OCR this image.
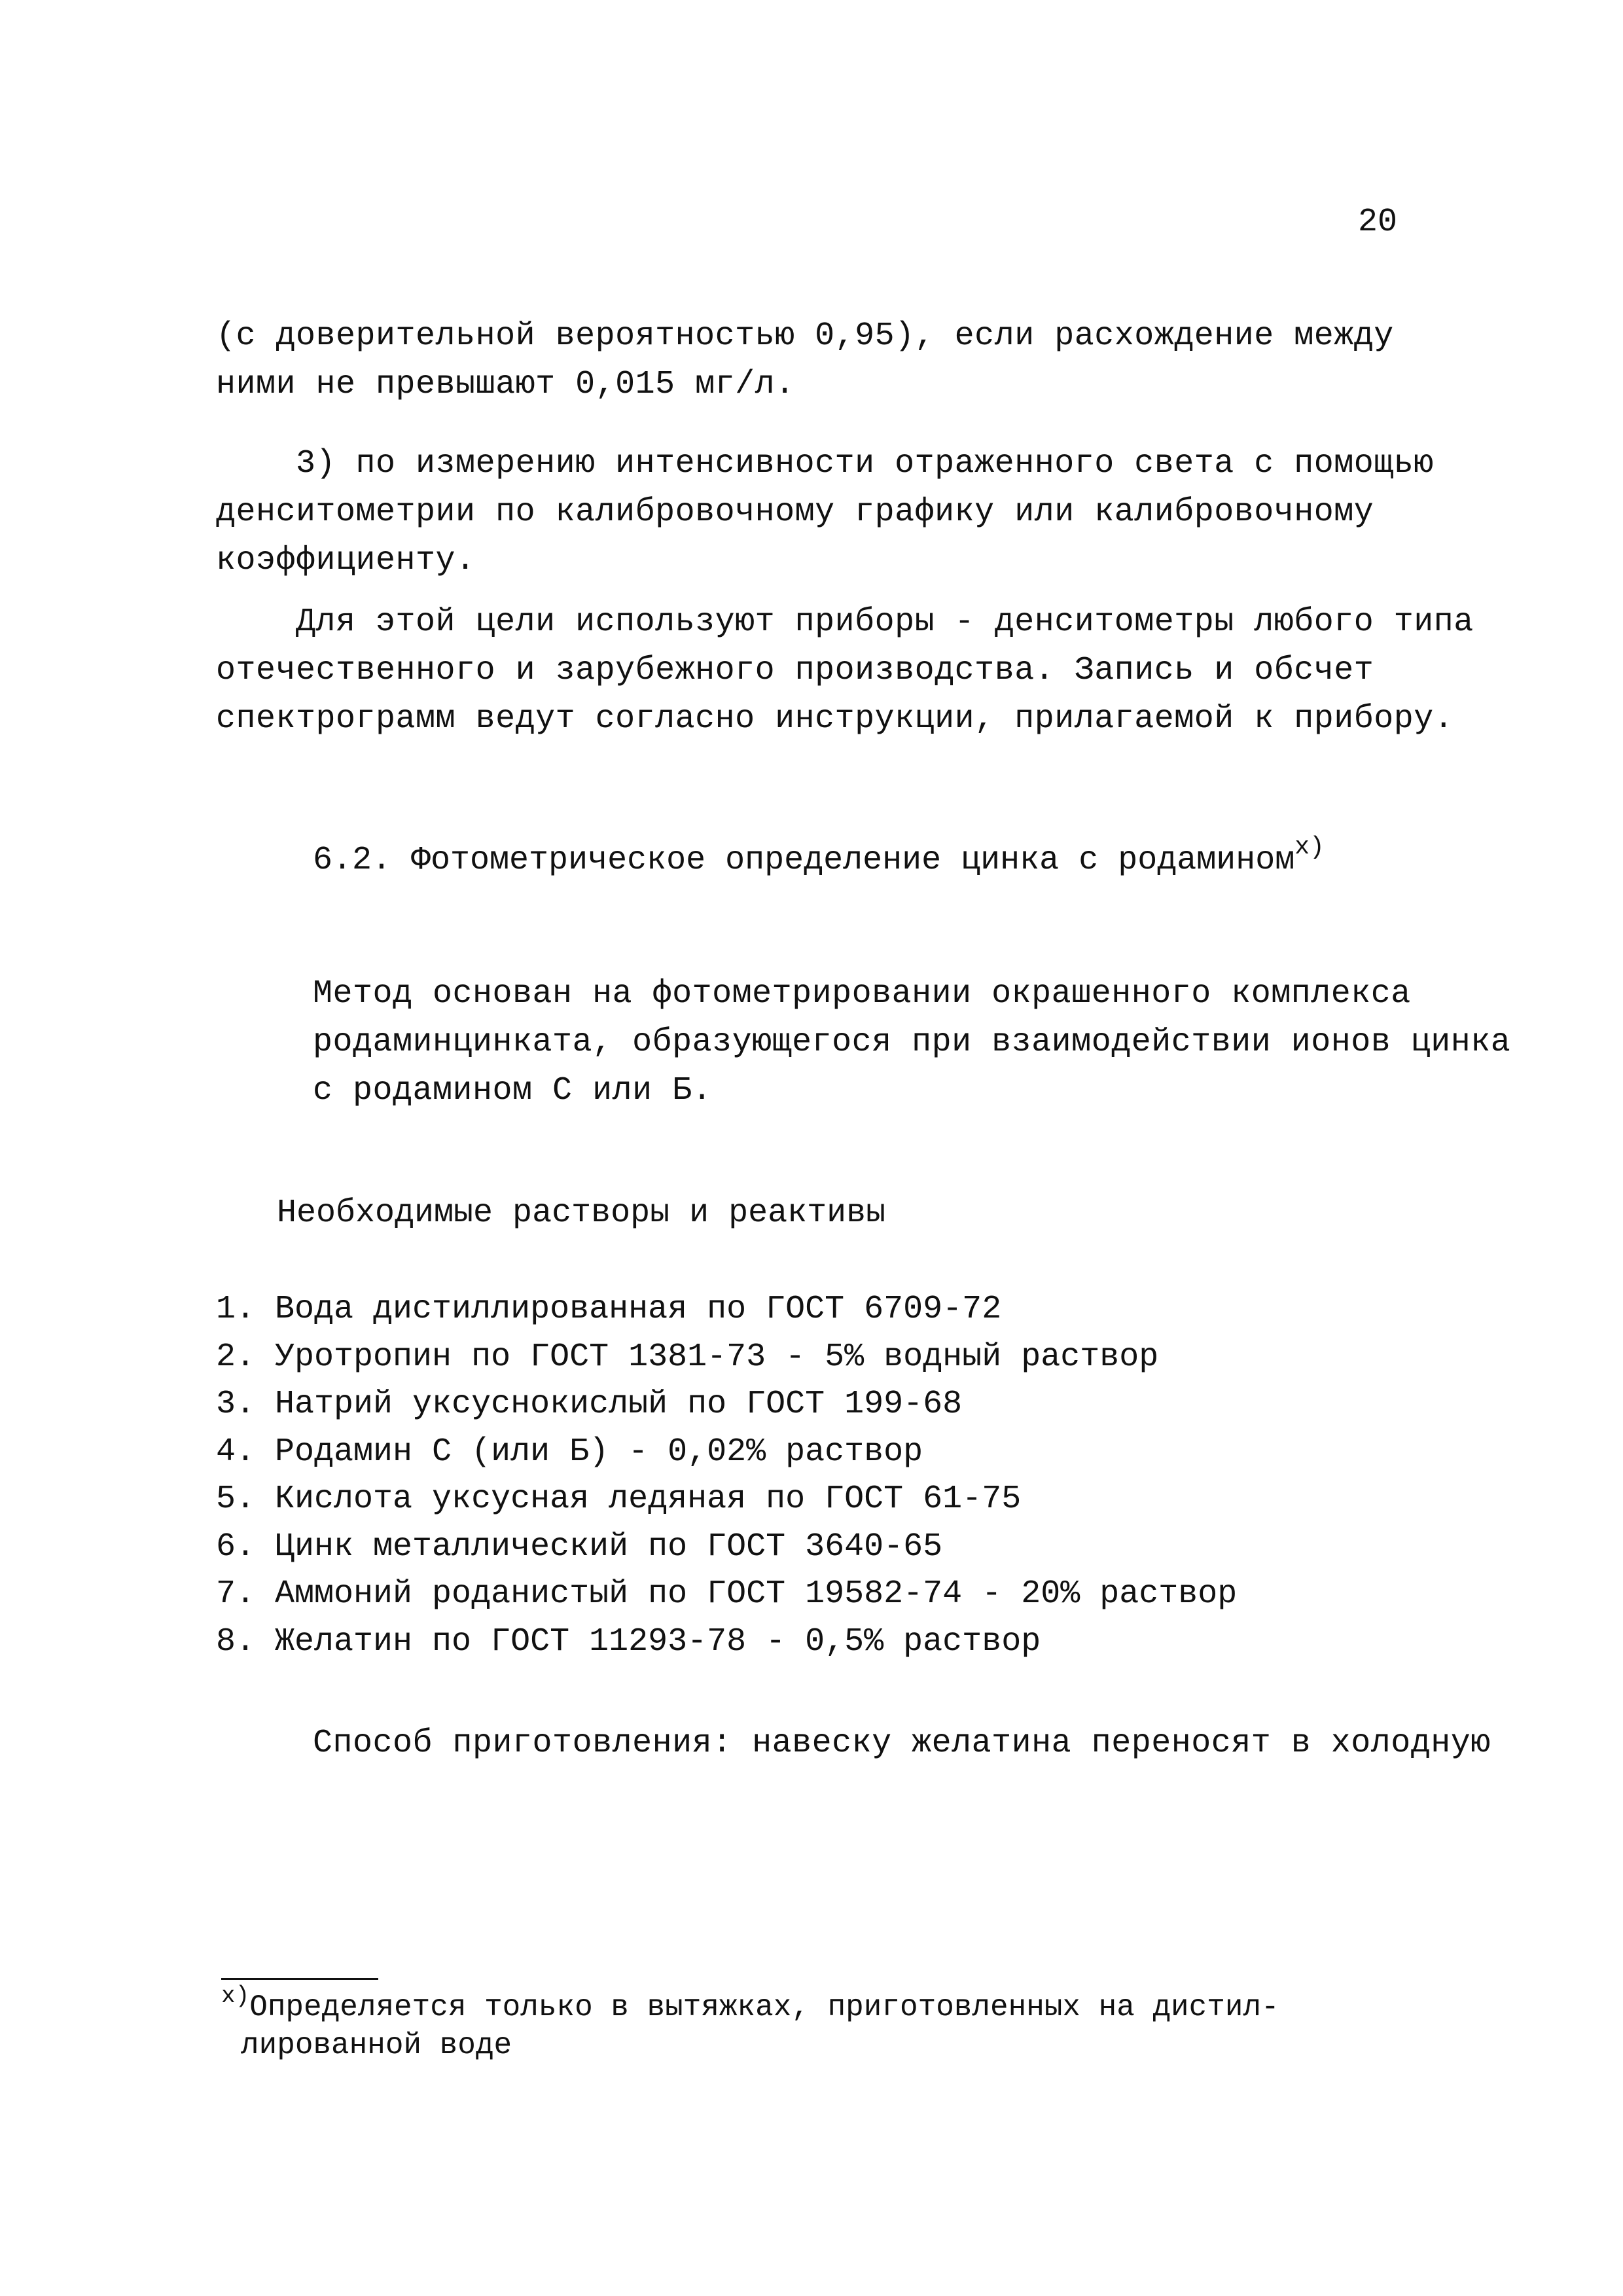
20
(с доверительной вероятностью 0,95), если расхождение между
ними не превышают 0,015 мг/л.
3) по измерению интенсивности отраженного света с помощью
денситометрии по калибровочному графику или калибровочному
коэффициенту.
Для этой цели используют приборы - денситометры любого типа
отечественного и зарубежного производства. Запись и обсчет
спектрограмм ведут согласно инструкции, прилагаемой к прибору.
6.2. Фотометрическое определение цинка с родамином$^{x)}$
Метод основан на фотометрировании окрашенного комплекса
родаминцинката, образующегося при взаимодействии ионов цинка
с родамином С или Б.
Необходимые растворы и реактивы
1. Вода дистиллированная по ГОСТ 6709-72
2. Уротропин по ГОСТ 1381-73 - 5% водный раствор
3. Натрий уксуснокислый по ГОСТ 199-68
4. Родамин С (или Б) - 0,02% раствор
5. Кислота уксусная ледяная по ГОСТ 61-75
6. Цинк металлический по ГОСТ 3640-65
7. Аммоний роданистый по ГОСТ 19582-74 - 20% раствор
8. Желатин по ГОСТ 11293-78 - 0,5% раствор
Способ приготовления: навеску желатина переносят в холодную
$^{x)}$Определяется только в вытяжках, приготовленных на дистил-
лированной воде
